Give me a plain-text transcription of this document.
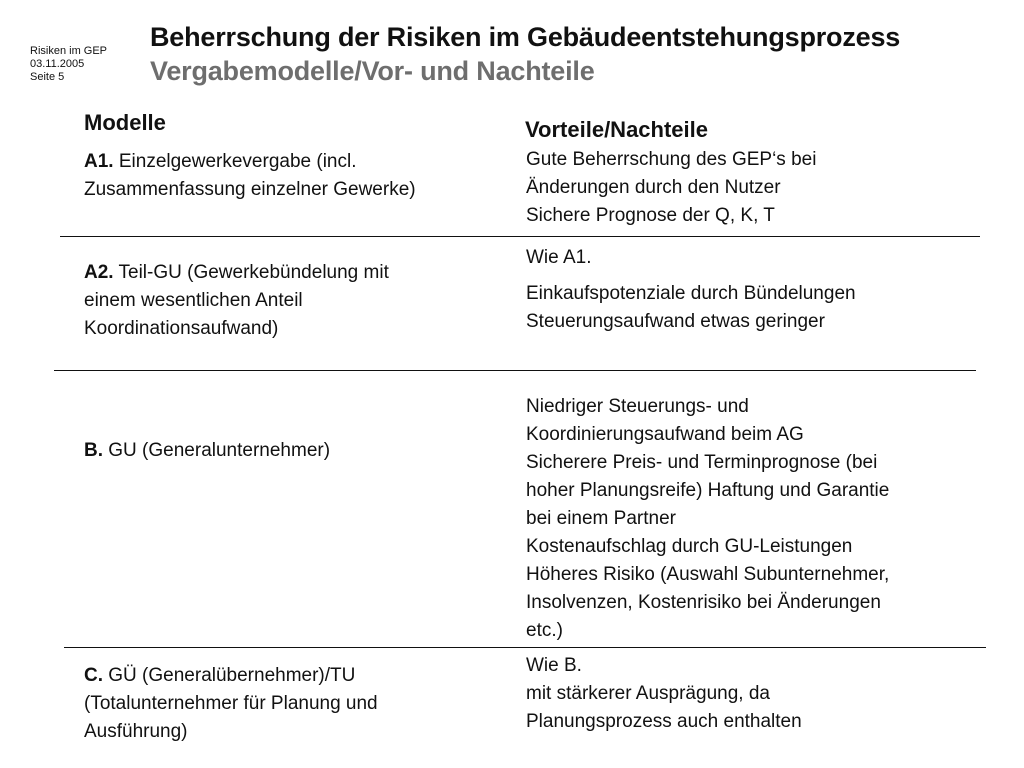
Risiken im GEP
03.11.2005
Seite 5
Beherrschung der Risiken im Gebäudeentstehungsprozess
Vergabemodelle/Vor- und Nachteile
Modelle	Vorteile/Nachteile
A1. Einzelgewerkevergabe (incl.
Zusammenfassung einzelner Gewerke)
Gute Beherrschung des GEP‘s bei
Änderungen durch den Nutzer
Sichere Prognose der Q, K, T
A2. Teil-GU (Gewerkebündelung mit
einem wesentlichen Anteil
Koordinationsaufwand)
Wie A1.
Einkaufspotenziale durch Bündelungen
Steuerungsaufwand etwas geringer
B. GU (Generalunternehmer)
Niedriger Steuerungs- und
Koordinierungsaufwand beim AG
Sicherere Preis- und Terminprognose (bei
hoher Planungsreife) Haftung und Garantie
bei einem Partner
Kostenaufschlag durch GU-Leistungen
Höheres Risiko (Auswahl Subunternehmer,
Insolvenzen, Kostenrisiko bei Änderungen
etc.)
C. GÜ (Generalübernehmer)/TU
(Totalunternehmer für Planung und
Ausführung)
Wie B.
mit stärkerer Ausprägung, da
Planungsprozess auch enthalten
